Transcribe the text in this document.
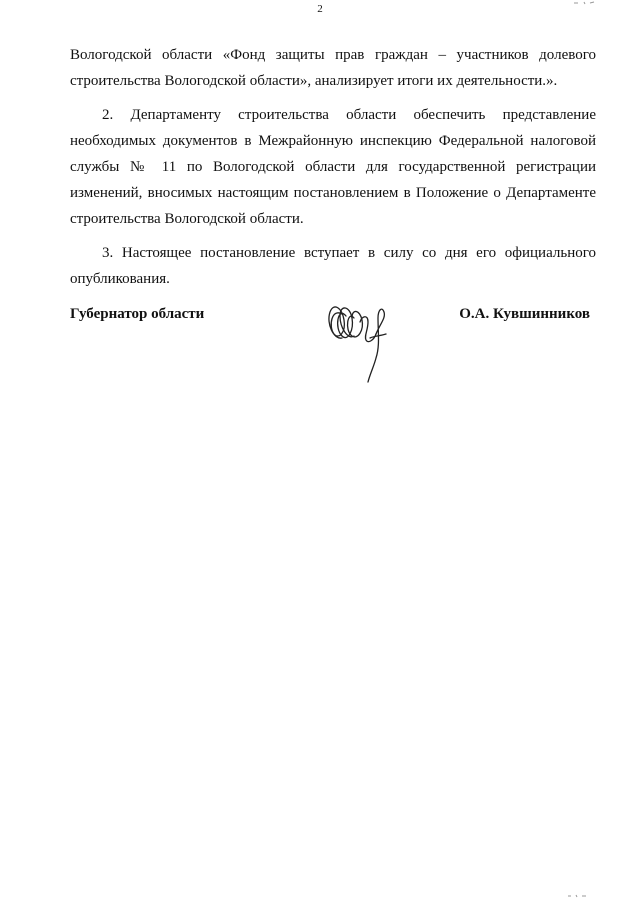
2

Вологодской области «Фонд защиты прав граждан – участников долевого строительства Вологодской области», анализирует итоги их деятельности.».

2. Департаменту строительства области обеспечить представление необходимых документов в Межрайонную инспекцию Федеральной налоговой службы № 11 по Вологодской области для государственной регистрации изменений, вносимых настоящим постановлением в Положение о Департаменте строительства Вологодской области.

3. Настоящее постановление вступает в силу со дня его официального опубликования.

Губернатор области	О.А. Кувшинников
